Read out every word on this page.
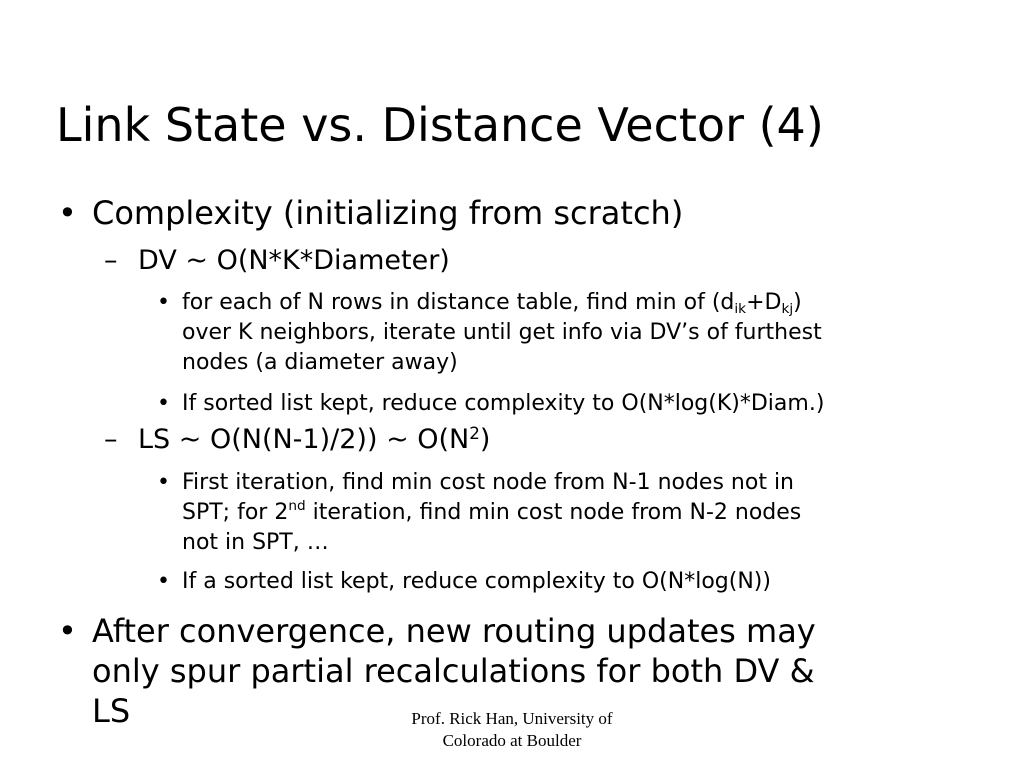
Link State vs. Distance Vector (4)
• Complexity (initializing from scratch)
– DV ~ O(N*K*Diameter)
• for each of N rows in distance table, find min of $(d_{ik}+D_{kj})$
over K neighbors, iterate until get info via DV’s of furthest
nodes (a diameter away)
• If sorted list kept, reduce complexity to O(N*log(K)*Diam.)
– LS ~ O(N(N-1)/2)) ~ $O(N^2)$
• First iteration, find min cost node from N-1 nodes not in
SPT; for 2nd iteration, find min cost node from N-2 nodes
not in SPT, …
• If a sorted list kept, reduce complexity to O(N*log(N))
• After convergence, new routing updates may
only spur partial recalculations for both DV &
LS	Prof. Rick Han, University of
Colorado at Boulder
